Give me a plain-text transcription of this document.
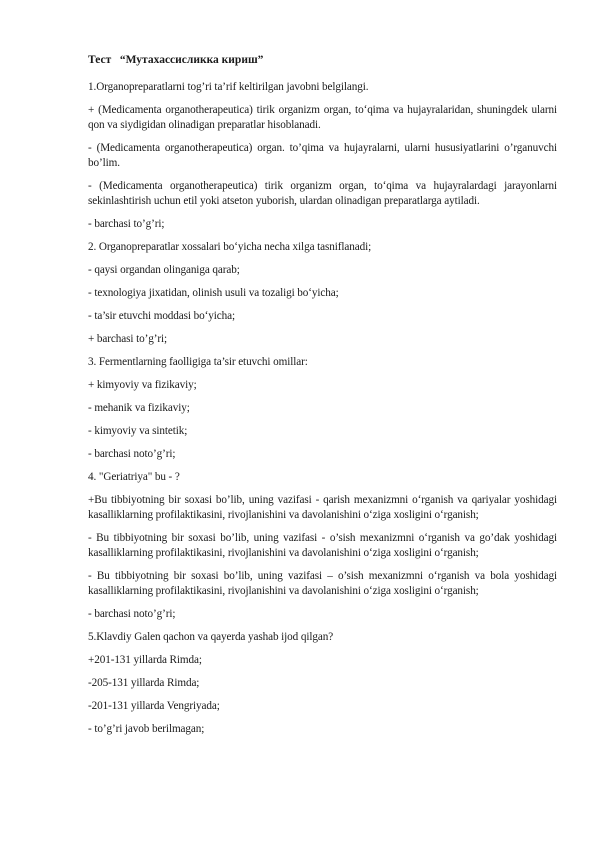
Тест   “Мутахассисликка кириш”

1.Organopreparatlarni tog’ri ta’rif keltirilgan javobni belgilangi.

+ (Medicamenta organotherapeutica) tirik organizm organ, to‘qima va hujayralaridan, shuningdek ularni qon va siydigidan olinadigan preparatlar hisoblanadi.

- (Medicamenta organotherapeutica) organ. to’qima va hujayralarni, ularni hususiyatlarini o’rganuvchi bo’lim.

- (Medicamenta organotherapeutica) tirik organizm organ, to‘qima va hujayralardagi jarayonlarni sekinlashtirish uchun etil yoki atseton yuborish, ulardan olinadigan preparatlarga aytiladi.

- barchasi to’g’ri;

2. Organopreparatlar xossalari bo‘yicha necha xilga tasniflanadi;

- qaysi organdan olinganiga qarab;

- texnologiya jixatidan, olinish usuli va tozaligi bo‘yicha;

- ta’sir etuvchi moddasi bo‘yicha;

+ barchasi to’g’ri;

3. Fermentlarning faolligiga ta’sir etuvchi omillar:

+ kimyoviy va fizikaviy;

- mehanik va fizikaviy;

- kimyoviy va sintetik;

- barchasi noto’g’ri;

4. "Geriatriya" bu - ?

+Bu tibbiyotning bir soxasi bo’lib, uning vazifasi - qarish mexanizmni o‘rganish va qariyalar yoshidagi kasalliklarning profilaktikasini, rivojlanishini va davolanishini o‘ziga xosligini o‘rganish;

- Bu tibbiyotning bir soxasi bo’lib, uning vazifasi - o’sish mexanizmni o‘rganish va go’dak yoshidagi kasalliklarning profilaktikasini, rivojlanishini va davolanishini o‘ziga xosligini o‘rganish;

- Bu tibbiyotning bir soxasi bo’lib, uning vazifasi – o’sish mexanizmni o‘rganish va bola yoshidagi kasalliklarning profilaktikasini, rivojlanishini va davolanishini o‘ziga xosligini o‘rganish;

- barchasi noto’g’ri;

5.Klavdiy Galen qachon va qayerda yashab ijod qilgan?

+201-131 yillarda Rimda;

-205-131 yillarda Rimda;

-201-131 yillarda Vengriyada;

- to’g’ri javob berilmagan;
